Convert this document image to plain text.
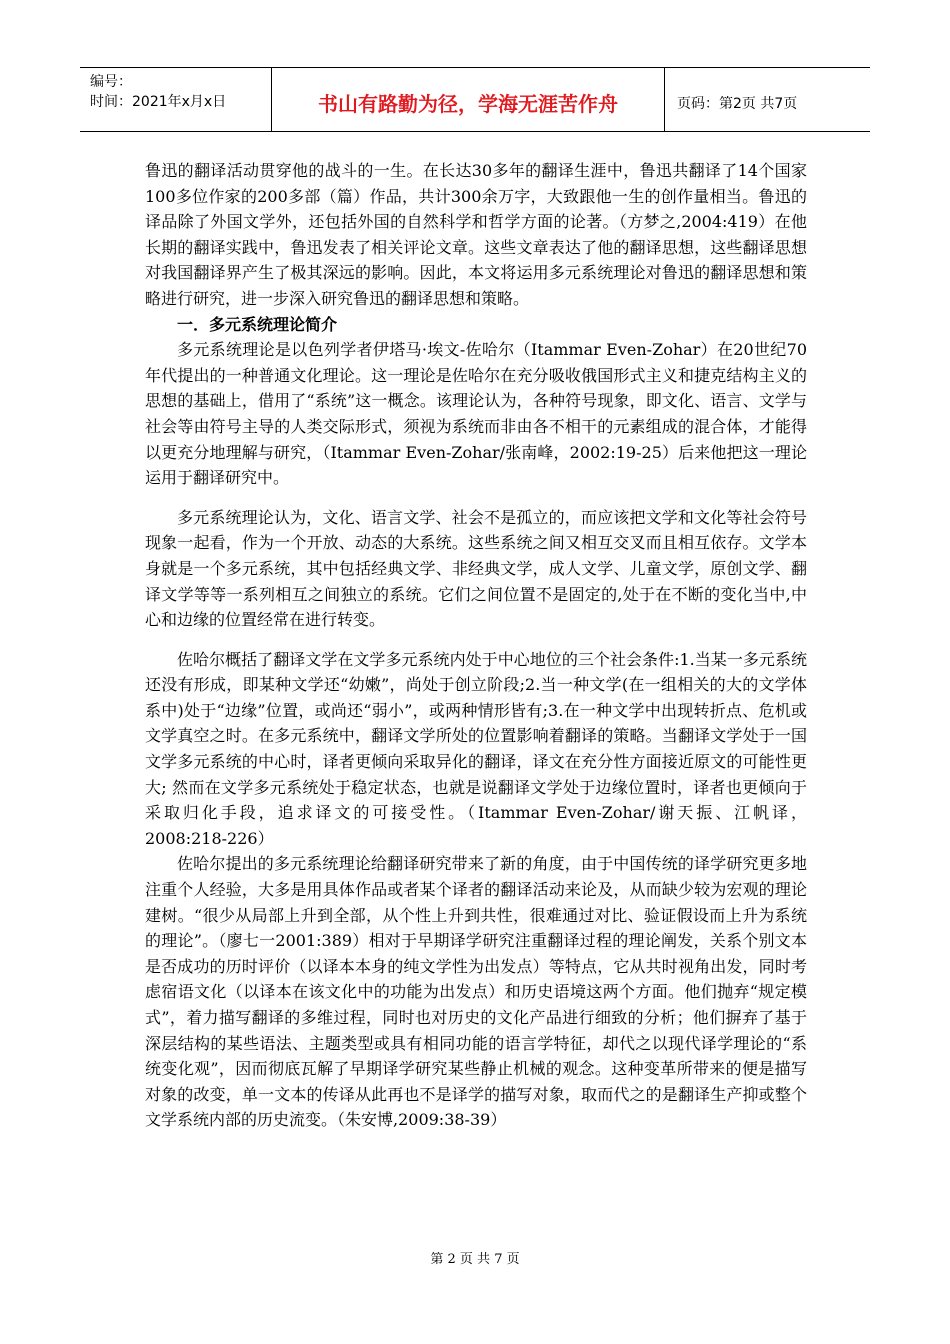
编号：
时间：2021年x月x日	书山有路勤为径，学海无涯苦作舟	页码：第2页 共7页

鲁迅的翻译活动贯穿他的战斗的一生。在长达30多年的翻译生涯中，鲁迅共翻译了14个国家100多位作家的200多部（篇）作品，共计300余万字，大致跟他一生的创作量相当。鲁迅的译品除了外国文学外，还包括外国的自然科学和哲学方面的论著。（方梦之,2004:419）在他长期的翻译实践中，鲁迅发表了相关评论文章。这些文章表达了他的翻译思想，这些翻译思想对我国翻译界产生了极其深远的影响。因此，本文将运用多元系统理论对鲁迅的翻译思想和策略进行研究，进一步深入研究鲁迅的翻译思想和策略。

一．多元系统理论简介

多元系统理论是以色列学者伊塔马·埃文-佐哈尔（Itammar Even-Zohar）在20世纪70年代提出的一种普通文化理论。这一理论是佐哈尔在充分吸收俄国形式主义和捷克结构主义的思想的基础上，借用了“系统”这一概念。该理论认为，各种符号现象，即文化、语言、文学与社会等由符号主导的人类交际形式，须视为系统而非由各不相干的元素组成的混合体，才能得以更充分地理解与研究，（Itammar Even-Zohar/张南峰，2002:19-25）后来他把这一理论运用于翻译研究中。

多元系统理论认为，文化、语言文学、社会不是孤立的，而应该把文学和文化等社会符号现象一起看，作为一个开放、动态的大系统。这些系统之间又相互交叉而且相互依存。文学本身就是一个多元系统，其中包括经典文学、非经典文学，成人文学、儿童文学，原创文学、翻译文学等等一系列相互之间独立的系统。它们之间位置不是固定的,处于在不断的变化当中,中心和边缘的位置经常在进行转变。

佐哈尔概括了翻译文学在文学多元系统内处于中心地位的三个社会条件:1.当某一多元系统还没有形成，即某种文学还“幼嫩”，尚处于创立阶段;2.当一种文学(在一组相关的大的文学体系中)处于“边缘”位置，或尚还“弱小”，或两种情形皆有;3.在一种文学中出现转折点、危机或文学真空之时。在多元系统中，翻译文学所处的位置影响着翻译的策略。当翻译文学处于一国文学多元系统的中心时，译者更倾向采取异化的翻译，译文在充分性方面接近原文的可能性更大; 然而在文学多元系统处于稳定状态，也就是说翻译文学处于边缘位置时，译者也更倾向于采取归化手段，追求译文的可接受性。（Itammar Even-Zohar/谢天振、江帆译，2008:218-226）

佐哈尔提出的多元系统理论给翻译研究带来了新的角度，由于中国传统的译学研究更多地注重个人经验，大多是用具体作品或者某个译者的翻译活动来论及，从而缺少较为宏观的理论建树。“很少从局部上升到全部，从个性上升到共性，很难通过对比、验证假设而上升为系统的理论”。（廖七一2001:389）相对于早期译学研究注重翻译过程的理论阐发，关系个别文本是否成功的历时评价（以译本本身的纯文学性为出发点）等特点，它从共时视角出发，同时考虑宿语文化（以译本在该文化中的功能为出发点）和历史语境这两个方面。他们抛弃“规定模式”，着力描写翻译的多维过程，同时也对历史的文化产品进行细致的分析；他们摒弃了基于深层结构的某些语法、主题类型或具有相同功能的语言学特征，却代之以现代译学理论的“系统变化观”，因而彻底瓦解了早期译学研究某些静止机械的观念。这种变革所带来的便是描写对象的改变，单一文本的传译从此再也不是译学的描写对象，取而代之的是翻译生产抑或整个文学系统内部的历史流变。（朱安博,2009:38-39）

第 2 页 共 7 页
